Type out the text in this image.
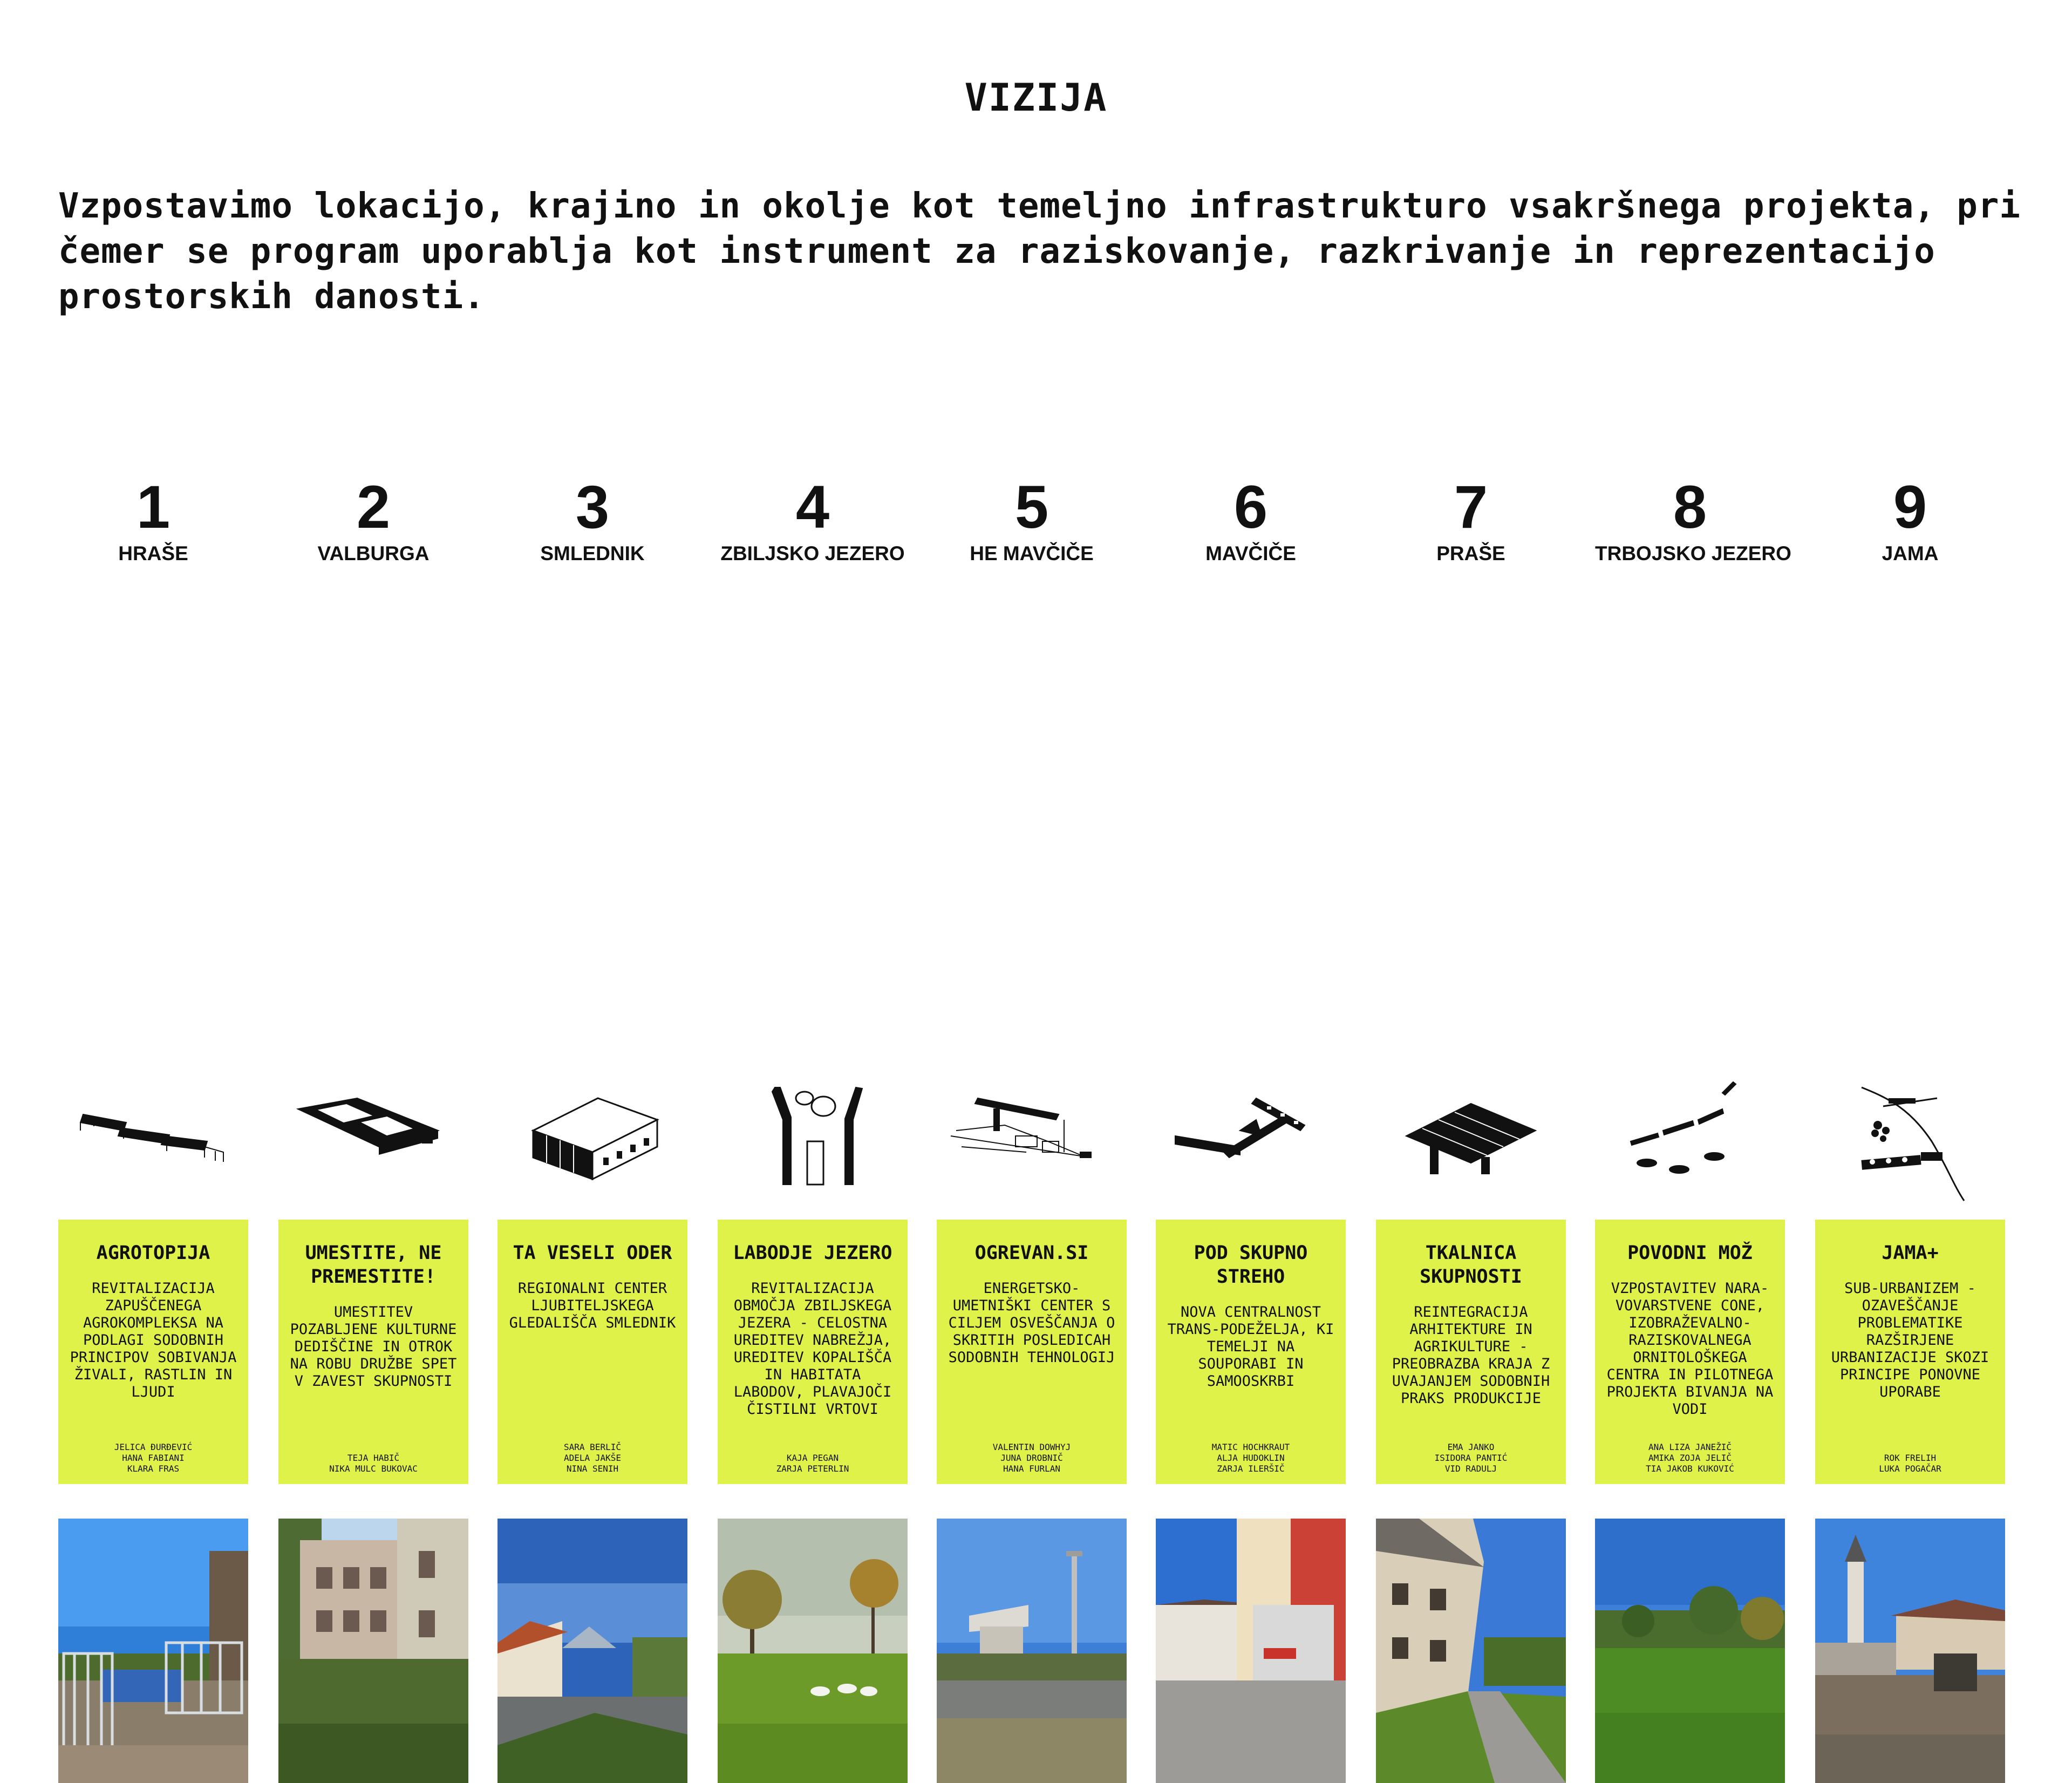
VIZIJA
Vzpostavimo lokacijo, krajino in okolje kot temeljno infrastrukturo vsakršnega projekta, pri čemer se program uporablja kot instrument za raziskovanje, razkrivanje in reprezentacijo prostorskih danosti.
1
HRAŠE
AGROTOPIJA
REVITALIZACIJA ZAPUŠČENEGA AGROKOMPLEKSA NA PODLAGI SODOBNIH PRINCIPOV SOBIVANJA ŽIVALI, RASTLIN IN LJUDI
JELICA ĐURĐEVIĆ
HANA FABIANI
KLARA FRAS
2
VALBURGA
UMESTITE, NE PREMESTITE!
UMESTITEV POZABLJENE KULTURNE DEDIŠČINE IN OTROK NA ROBU DRUŽBE SPET V ZAVEST SKUPNOSTI
TEJA HABIČ
NIKA MULC BUKOVAC
3
SMLEDNIK
TA VESELI ODER
REGIONALNI CENTER LJUBITELJSKEGA GLEDALIŠČA SMLEDNIK
SARA BERLIČ
ADELA JAKŠE
NINA SENIH
4
ZBILJSKO JEZERO
LABODJE JEZERO
REVITALIZACIJA OBMOČJA ZBILJSKEGA JEZERA - CELOSTNA UREDITEV NABREŽJA, UREDITEV KOPALIŠČA IN HABITATA LABODOV, PLAVAJOČI ČISTILNI VRTOVI
KAJA PEGAN
ZARJA PETERLIN
5
HE MAVČIČE
OGREVAN.SI
ENERGETSKO-UMETNIŠKI CENTER S CILJEM OSVEŠČANJA O SKRITIH POSLEDICAH SODOBNIH TEHNOLOGIJ
VALENTIN DOWHYJ
JUNA DROBNIČ
HANA FURLAN
6
MAVČIČE
POD SKUPNO STREHO
NOVA CENTRALNOST TRANS-PODEŽELJA, KI TEMELJI NA SOUPORABI IN SAMOOSKRBI
MATIC HOCHKRAUT
ALJA HUDOKLIN
ZARJA ILERŠIČ
7
PRAŠE
TKALNICA SKUPNOSTI
REINTEGRACIJA ARHITEKTURE IN AGRIKULTURE - PREOBRAZBA KRAJA Z UVAJANJEM SODOBNIH PRAKS PRODUKCIJE
EMA JANKO
ISIDORA PANTIĆ
VID RADULJ
8
TRBOJSKO JEZERO
POVODNI MOŽ
VZPOSTAVITEV NARA-VOVARSTVENE CONE, IZOBRAŽEVALNO-RAZISKOVALNEGA ORNITOLOŠKEGA CENTRA IN PILOTNEGA PROJEKTA BIVANJA NA VODI
ANA LIZA JANEŽIČ
AMIKA ZOJA JELIČ
TIA JAKOB KUKOVIĆ
9
JAMA
JAMA+
SUB-URBANIZEM - OZAVEŠČANJE PROBLEMATIKE RAZŠIRJENE URBANIZACIJE SKOZI PRINCIPE PONOVNE UPORABE
ROK FRELIH
LUKA POGAČAR
